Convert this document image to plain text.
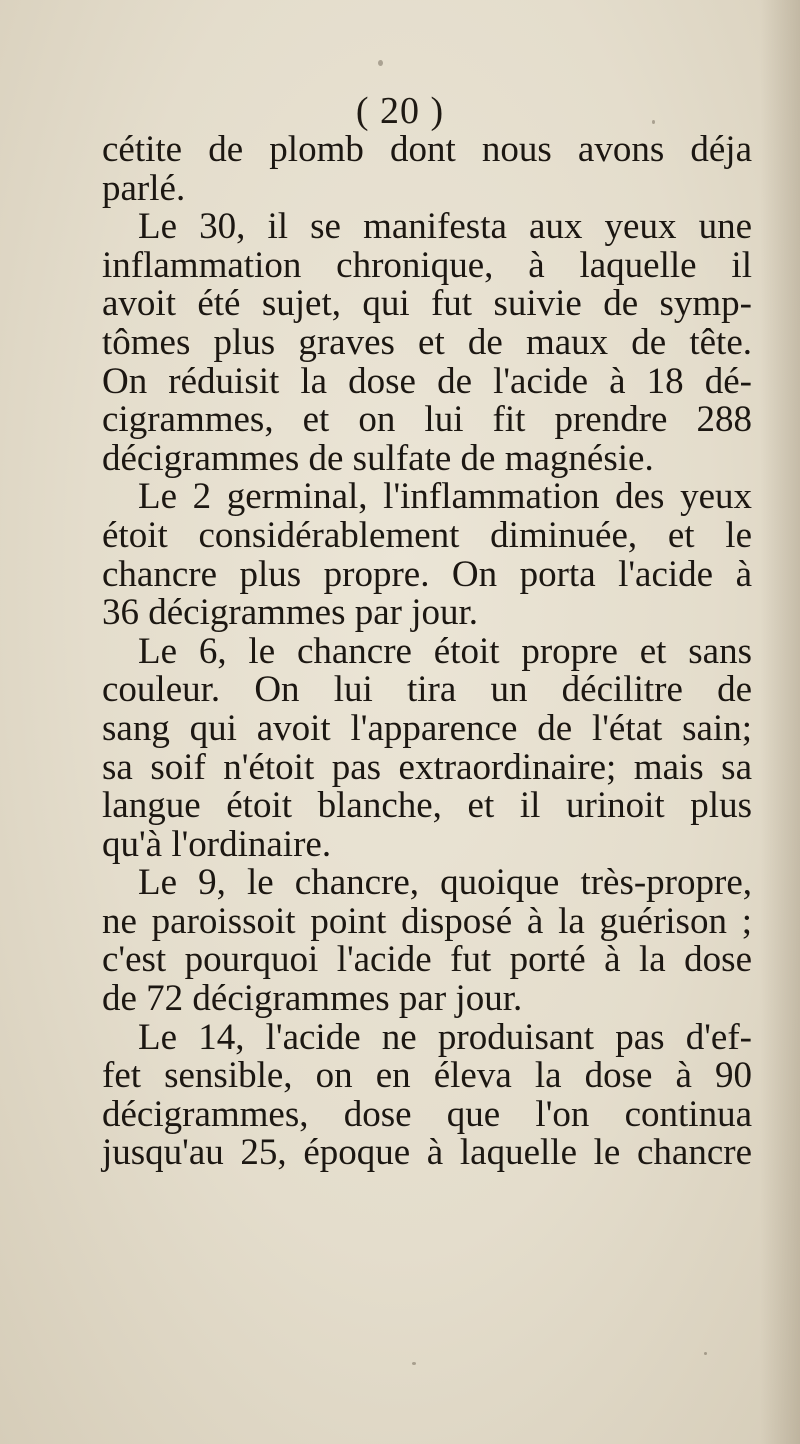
( 20 )

cétite de plomb dont nous avons déja
parlé.

Le 30, il se manifesta aux yeux une
inflammation chronique, à laquelle il
avoit été sujet, qui fut suivie de symp-
tômes plus graves et de maux de tête.
On réduisit la dose de l'acide à 18 dé-
cigrammes, et on lui fit prendre 288
décigrammes de sulfate de magnésie.

Le 2 germinal, l'inflammation des yeux
étoit considérablement diminuée, et le
chancre plus propre. On porta l'acide à
36 décigrammes par jour.

Le 6, le chancre étoit propre et sans
couleur. On lui tira un décilitre de
sang qui avoit l'apparence de l'état sain;
sa soif n'étoit pas extraordinaire; mais sa
langue étoit blanche, et il urinoit plus
qu'à l'ordinaire.

Le 9, le chancre, quoique très-propre,
ne paroissoit point disposé à la guérison ;
c'est pourquoi l'acide fut porté à la dose
de 72 décigrammes par jour.

Le 14, l'acide ne produisant pas d'ef-
fet sensible, on en éleva la dose à 90
décigrammes, dose que l'on continua
jusqu'au 25, époque à laquelle le chancre
